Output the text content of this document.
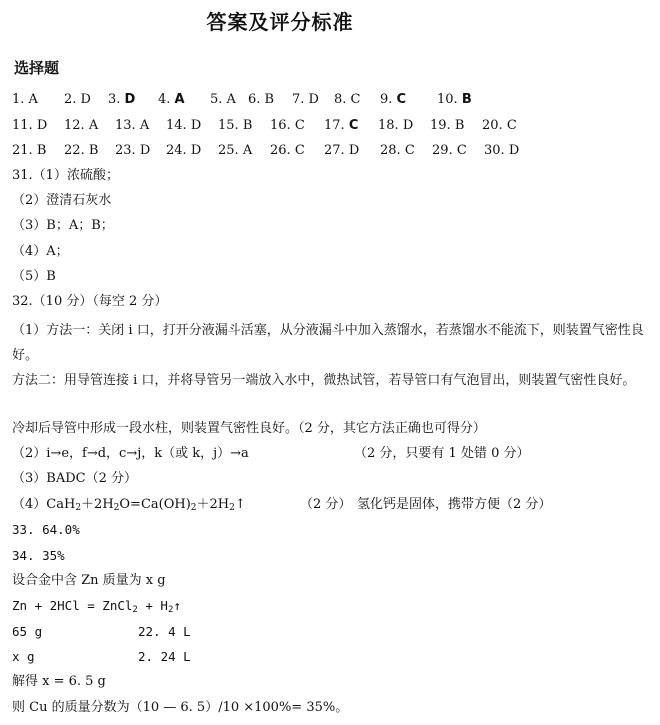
答案及评分标准
选择题
1. A 2. D 3. D 4. A 5. A 6. B 7. D 8. C 9. C 10. B
11. D 12. A 13. A 14. D 15. B 16. C 17. C 18. D 19. B 20. C
21. B 22. B 23. D 24. D 25. A 26. C 27. D 28. C 29. C 30. D
31.（1）浓硫酸；
（2）澄清石灰水
（3）B；A；B；
（4）A；
（5）B
32.（10 分）（每空 2 分）
（1）方法一：关闭 i 口，打开分液漏斗活塞，从分液漏斗中加入蒸馏水，若蒸馏水不能流下，则装置气密性良好。
方法二：用导管连接 i 口，并将导管另一端放入水中，微热试管，若导管口有气泡冒出，则装置气密性良好。
冷却后导管中形成一段水柱，则装置气密性良好。（2 分，其它方法正确也可得分）
（2）i→e，f→d，c→j，k（或 k，j）→a	（2 分，只要有 1 处错 0 分）
（3）BADC（2 分）
$(4)CaH_2+2H_2O=Ca(OH)_2+2H_2↑$	（2 分） 氢化钙是固体，携带方便（2 分）
33. 64.0%
34. 35%
设合金中含 Zn 质量为 x g
Zn + 2HCl = ZnCl$_2$ + $H_2↑$
65 g	22. 4 L
x g	2. 24 L
解得 x = 6. 5 g
则 Cu 的质量分数为（10 — 6. 5）/10 ×100%= 35%。
